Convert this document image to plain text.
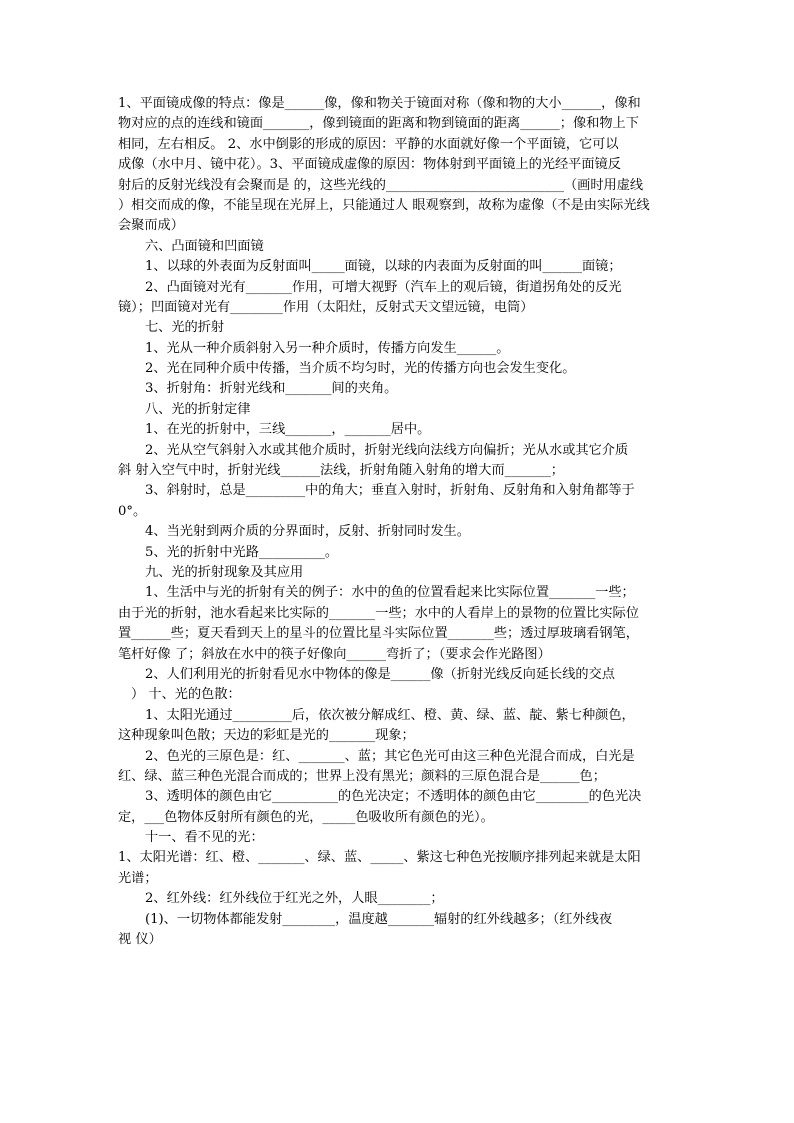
1、平面镜成像的特点：像是______像，像和物关于镜面对称（像和物的大小______，像和
物对应的点的连线和镜面_______，像到镜面的距离和物到镜面的距离______；像和物上下
相同，左右相反。 2、水中倒影的形成的原因：平静的水面就好像一个平面镜，它可以
成像（水中月、镜中花）。3、平面镜成虚像的原因：物体射到平面镜上的光经平面镜反
射后的反射光线没有会聚而是 的，这些光线的___________________________（画时用虚线
）相交而成的像，不能呈现在光屏上，只能通过人 眼观察到，故称为虚像（不是由实际光线
会聚而成）
六、凸面镜和凹面镜
1、以球的外表面为反射面叫_____面镜，以球的内表面为反射面的叫______面镜；
2、凸面镜对光有_______作用，可增大视野（汽车上的观后镜，街道拐角处的反光
镜）；凹面镜对光有________作用（太阳灶，反射式天文望远镜，电筒）
七、光的折射
1、光从一种介质斜射入另一种介质时，传播方向发生______。
2、光在同种介质中传播，当介质不均匀时，光的传播方向也会发生变化。
3、折射角：折射光线和_______间的夹角。
八、光的折射定律
1、在光的折射中，三线_______，_______居中。
2、光从空气斜射入水或其他介质时，折射光线向法线方向偏折；光从水或其它介质
斜 射入空气中时，折射光线______法线，折射角随入射角的增大而_______；
3、斜射时，总是_________中的角大；垂直入射时，折射角、反射角和入射角都等于
0°。
4、当光射到两介质的分界面时，反射、折射同时发生。
5、光的折射中光路__________。
九、光的折射现象及其应用
1、生活中与光的折射有关的例子：水中的鱼的位置看起来比实际位置_______一些；
由于光的折射，池水看起来比实际的_______一些；水中的人看岸上的景物的位置比实际位
置______些；夏天看到天上的星斗的位置比星斗实际位置_______些；透过厚玻璃看钢笔，
笔杆好像 了；斜放在水中的筷子好像向______弯折了；（要求会作光路图）
2、人们利用光的折射看见水中物体的像是______像（折射光线反向延长线的交点
） 十、光的色散：
1、太阳光通过_________后，依次被分解成红、橙、黄、绿、蓝、靛、紫七种颜色，
这种现象叫色散；天边的彩虹是光的_______现象；
2、色光的三原色是：红、_______、蓝；其它色光可由这三种色光混合而成，白光是
红、绿、蓝三种色光混合而成的；世界上没有黑光；颜料的三原色混合是______色；
3、透明体的颜色由它__________的色光决定；不透明体的颜色由它________的色光决
定，___色物体反射所有颜色的光，_____色吸收所有颜色的光）。
十一、看不见的光：
1、太阳光谱：红、橙、_______、绿、蓝、_____、紫这七种色光按顺序排列起来就是太阳
光谱；
2、红外线：红外线位于红光之外，人眼________；
(1)、一切物体都能发射________，温度越_______辐射的红外线越多；（红外线夜
视 仪）
